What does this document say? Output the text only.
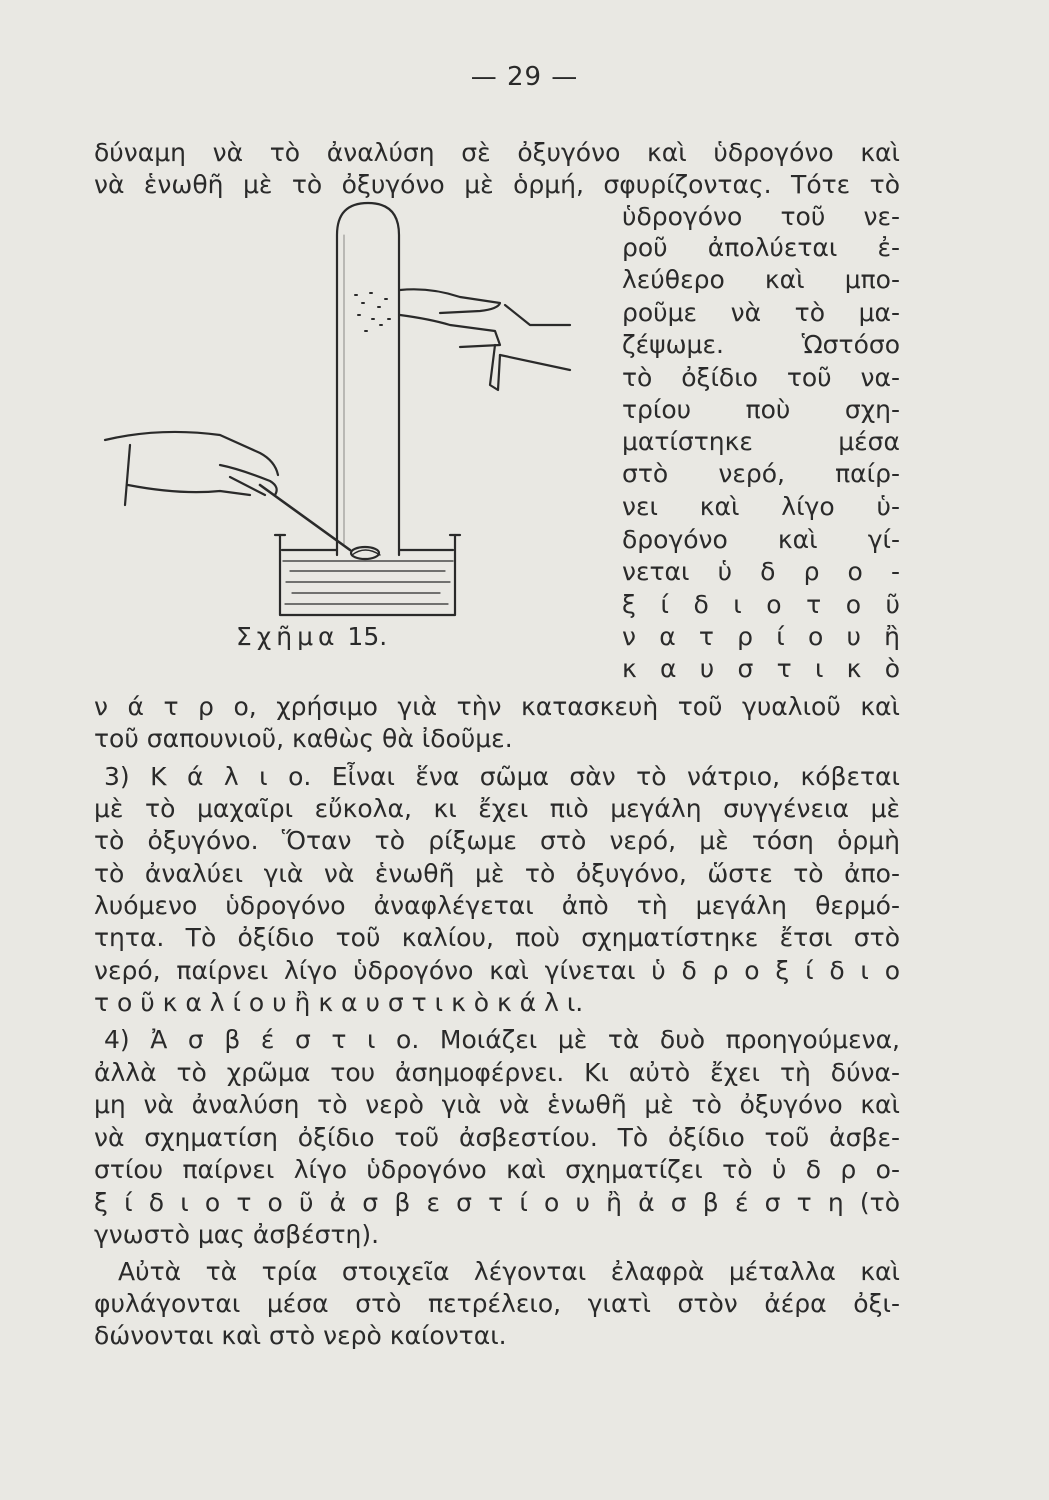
— 29 —
δύναμη νὰ τὸ ἀναλύση σὲ ὀξυγόνο καὶ ὑδρογόνο καὶ
νὰ ἑνωθῆ μὲ τὸ ὀξυγόνο μὲ ὁρμή, σφυρίζοντας. Τότε τὸ
ὑδρογόνο τοῦ νε-
ροῦ ἀπολύεται ἐ-
λεύθερο καὶ μπο-
ροῦμε νὰ τὸ μα-
ζέψωμε. Ὡστόσο
τὸ ὀξίδιο τοῦ να-
τρίου ποὺ σχη-
ματίστηκε μέσα
στὸ νερό, παίρ-
νει καὶ λίγο ὑ-
δρογόνο καὶ γί-
νεται ὑ δ ρ ο -
ξ ί δ ι ο τ ο ῦ
ν α τ ρ ί ο υ ἢ
κ α υ σ τ ι κ ὸ
Σχῆμα 15.
ν ά τ ρ ο, χρήσιμο γιὰ τὴν κατασκευὴ τοῦ γυαλιοῦ καὶ
τοῦ σαπουνιοῦ, καθὼς θὰ ἰδοῦμε.
3) Κ ά λ ι ο. Εἶναι ἕνα σῶμα σὰν τὸ νάτριο, κόβεται
μὲ τὸ μαχαῖρι εὔκολα, κι ἔχει πιὸ μεγάλη συγγένεια μὲ
τὸ ὀξυγόνο. Ὅταν τὸ ρίξωμε στὸ νερό, μὲ τόση ὁρμὴ
τὸ ἀναλύει γιὰ νὰ ἑνωθῆ μὲ τὸ ὀξυγόνο, ὥστε τὸ ἀπο-
λυόμενο ὑδρογόνο ἀναφλέγεται ἀπὸ τὴ μεγάλη θερμό-
τητα. Τὸ ὀξίδιο τοῦ καλίου, ποὺ σχηματίστηκε ἔτσι στὸ
νερό, παίρνει λίγο ὑδρογόνο καὶ γίνεται ὑ δ ρ ο ξ ί δ ι ο
τ ο ῦ κ α λ ί ο υ ἢ κ α υ σ τ ι κ ὸ κ ά λ ι.
4) Ἀ σ β έ σ τ ι ο. Μοιάζει μὲ τὰ δυὸ προηγούμενα,
ἀλλὰ τὸ χρῶμα του ἀσημοφέρνει. Κι αὐτὸ ἔχει τὴ δύνα-
μη νὰ ἀναλύση τὸ νερὸ γιὰ νὰ ἑνωθῆ μὲ τὸ ὀξυγόνο καὶ
νὰ σχηματίση ὀξίδιο τοῦ ἀσβεστίου. Τὸ ὀξίδιο τοῦ ἀσβε-
στίου παίρνει λίγο ὑδρογόνο καὶ σχηματίζει τὸ ὑ δ ρ ο-
ξ ί δ ι ο τ ο ῦ ἀ σ β ε σ τ ί ο υ ἢ ἀ σ β έ σ τ η (τὸ
γνωστὸ μας ἀσβέστη).
Αὐτὰ τὰ τρία στοιχεῖα λέγονται ἐλαφρὰ μέταλλα καὶ
φυλάγονται μέσα στὸ πετρέλειο, γιατὶ στὸν ἀέρα ὀξι-
δώνονται καὶ στὸ νερὸ καίονται.
